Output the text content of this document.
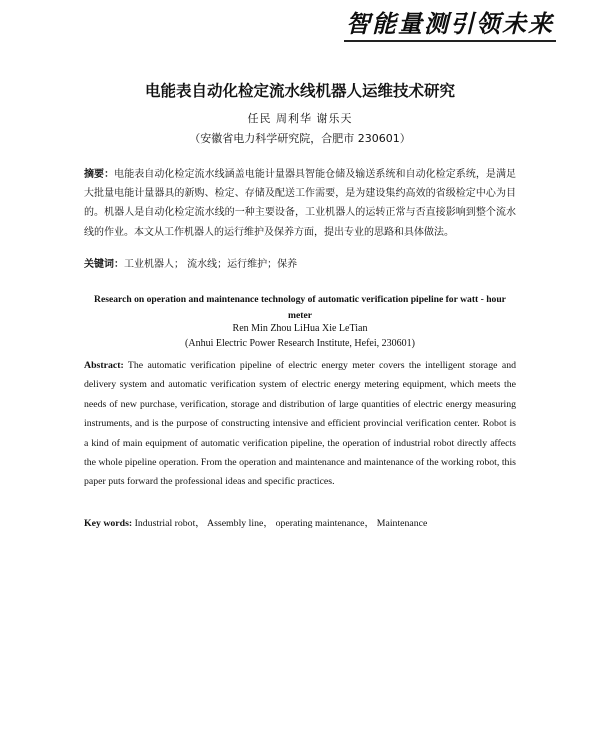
智能量测引领未来
电能表自动化检定流水线机器人运维技术研究
任民 周利华 谢乐天
（安徽省电力科学研究院，合肥市 230601）
摘要：电能表自动化检定流水线涵盖电能计量器具智能仓储及输送系统和自动化检定系统，是满足大批量电能计量器具的新购、检定、存储及配送工作需要，是为建设集约高效的省级检定中心为目的。机器人是自动化检定流水线的一种主要设备，工业机器人的运转正常与否直接影响到整个流水线的作业。本文从工作机器人的运行维护及保养方面，提出专业的思路和具体做法。
关键词：工业机器人； 流水线；运行维护；保养
Research on operation and maintenance technology of automatic verification pipeline for watt - hour meter
Ren Min Zhou LiHua Xie LeTian
(Anhui Electric Power Research Institute, Hefei, 230601)
Abstract: The automatic verification pipeline of electric energy meter covers the intelligent storage and delivery system and automatic verification system of electric energy metering equipment, which meets the needs of new purchase, verification, storage and distribution of large quantities of electric energy measuring instruments, and is the purpose of constructing intensive and efficient provincial verification center. Robot is a kind of main equipment of automatic verification pipeline, the operation of industrial robot directly affects the whole pipeline operation. From the operation and maintenance and maintenance of the working robot, this paper puts forward the professional ideas and specific practices.
Key words: Industrial robot， Assembly line， operating maintenance， Maintenance
